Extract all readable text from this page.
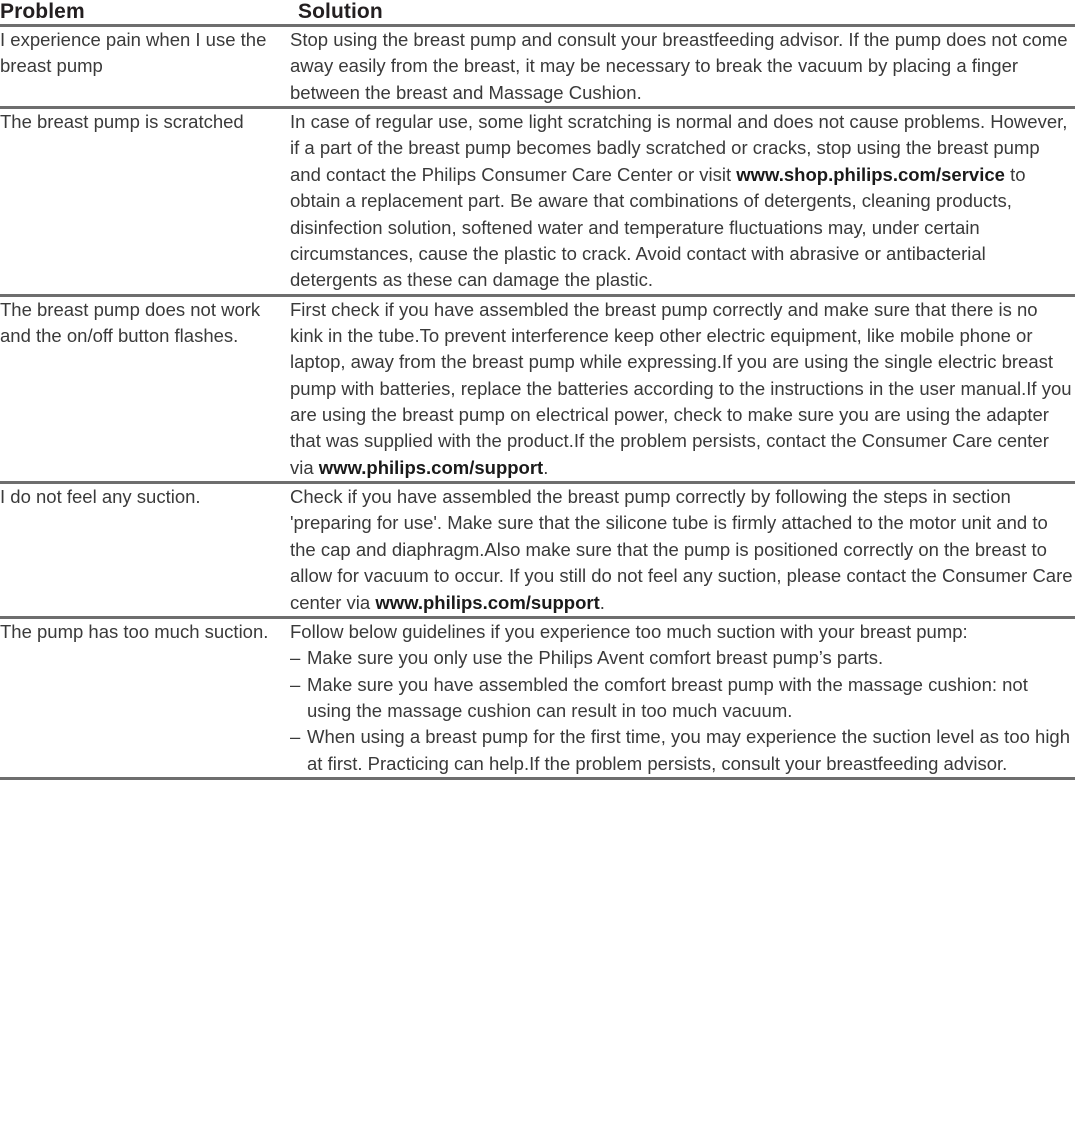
Problem	Solution
I experience pain when I use the breast pump	Stop using the breast pump and consult your breastfeeding advisor. If the pump does not come away easily from the breast, it may be necessary to break the vacuum by placing a finger between the breast and Massage Cushion.

The breast pump is scratched	In case of regular use, some light scratching is normal and does not cause problems. However, if a part of the breast pump becomes badly scratched or cracks, stop using the breast pump and contact the Philips Consumer Care Center or visit www.shop.philips.com/service to obtain a replacement part. Be aware that combinations of detergents, cleaning products, disinfection solution, softened water and temperature fluctuations may, under certain circumstances, cause the plastic to crack. Avoid contact with abrasive or antibacterial detergents as these can damage the plastic.

The breast pump does not work and the on/off button flashes.	First check if you have assembled the breast pump correctly and make sure that there is no kink in the tube.To prevent interference keep other electric equipment, like mobile phone or laptop, away from the breast pump while expressing.If you are using the single electric breast pump with batteries, replace the batteries according to the instructions in the user manual.If you are using the breast pump on electrical power, check to make sure you are using the adapter that was supplied with the product.If the problem persists, contact the Consumer Care center via www.philips.com/support.

I do not feel any suction.	Check if you have assembled the breast pump correctly by following the steps in section 'preparing for use'. Make sure that the silicone tube is firmly attached to the motor unit and to the cap and diaphragm.Also make sure that the pump is positioned correctly on the breast to allow for vacuum to occur. If you still do not feel any suction, please contact the Consumer Care center via www.philips.com/support.

The pump has too much suction.	Follow below guidelines if you experience too much suction with your breast pump:

– Make sure you only use the Philips Avent comfort breast pump’s parts.
– Make sure you have assembled the comfort breast pump with the massage cushion: not using the massage cushion can result in too much vacuum.
– When using a breast pump for the first time, you may experience the suction level as too high at first. Practicing can help.If the problem persists, consult your breastfeeding advisor.
